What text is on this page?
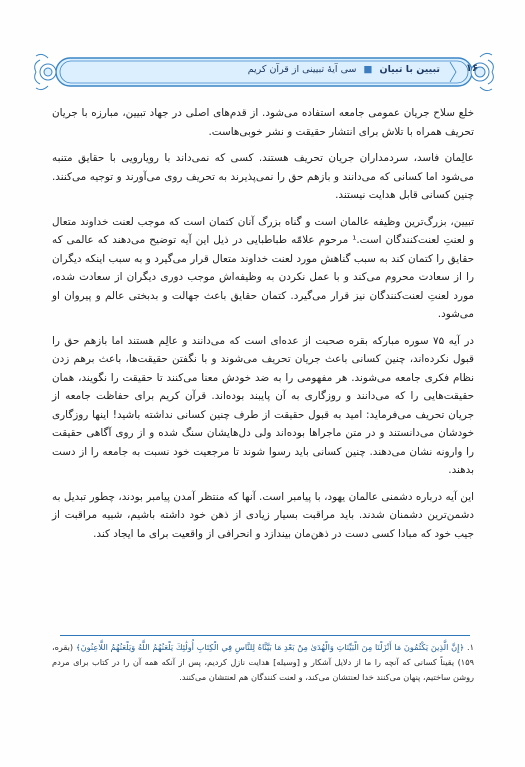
تبیین با تبیان ■ سی آیهٔ تبیینی از قرآن کریم	۱۶

خلع سلاح جریان عمومی جامعه استفاده می‌شود. از قدم‌های اصلی در جهاد تبیین، مبارزه با جریان تحریف همراه با تلاش برای انتشار حقیقت و نشر خوبی‌هاست.

عالِمان فاسد، سردمداران جریان تحریف هستند. کسی که نمی‌داند با رویارویی با حقایق متنبه می‌شود اما کسانی که می‌دانند و بازهم حق را نمی‌پذیرند به تحریف روی می‌آورند و توجیه می‌کنند. چنین کسانی قابل هدایت نیستند.

تبیین، بزرگ‌ترین وظیفه عالمان است و گناه بزرگ آنان کتمان است که موجب لعنت خداوند متعال و لعنتِ لعنت‌کنندگان است.¹ مرحوم علامّه طباطبایی در ذیل این آیه توضیح می‌دهند که عالمی که حقایق را کتمان کند به سبب گناهش مورد لعنت خداوند متعال قرار می‌گیرد و به سبب اینکه دیگران را از سعادت محروم می‌کند و با عمل نکردن به وظیفه‌اش موجب دوری دیگران از سعادت شده، مورد لعنتِ لعنت‌کنندگان نیز قرار می‌گیرد. کتمان حقایق باعث جهالت و بدبختی عالم و پیروان او می‌شود.

در آیه ۷۵ سوره مبارکه بقره صحبت از عده‌ای است که می‌دانند و عالِم هستند اما بازهم حق را قبول نکرده‌اند، چنین کسانی باعث جریان تحریف می‌شوند و با نگفتن حقیقت‌ها، باعث برهم زدن نظام فکری جامعه می‌شوند. هر مفهومی را به ضد خودش معنا می‌کنند تا حقیقت را نگویند، همان حقیقت‌هایی را که می‌دانند و روزگاری به آن پایبند بوده‌اند. قرآن کریم برای حفاظت جامعه از جریان تحریف می‌فرماید: امید به قبول حقیقت از طرف چنین کسانی نداشته باشید! اینها روزگاری خودشان می‌دانستند و در متن ماجراها بوده‌اند ولی دل‌هایشان سنگ شده و از روی آگاهی حقیقت را وارونه نشان می‌دهند. چنین کسانی باید رسوا شوند تا مرجعیت خود نسبت به جامعه را از دست بدهند.

این آیه درباره دشمنی عالمان یهود، با پیامبر است. آنها که منتظر آمدن پیامبر بودند، چطور تبدیل به دشمن‌ترین دشمنان شدند. باید مراقبت بسیار زیادی از ذهن خود داشته باشیم، شبیه مراقبت از جیب خود که مبادا کسی دست در ذهن‌مان بیندازد و انحرافی از واقعیت برای ما ایجاد کند.

۱. ﴿إِنَّ الَّذِينَ يَكْتُمُونَ مَا أَنْزَلْنَا مِنَ الْبَيِّنَاتِ وَالْهُدَىٰ مِنْ بَعْدِ مَا بَيَّنَّاهُ لِلنَّاسِ فِي الْكِتَابِ أُولَٰئِكَ يَلْعَنُهُمُ اللَّهُ وَيَلْعَنُهُمُ اللَّاعِنُونَ﴾ (بقره، ۱۵۹) یقیناً کسانی که آنچه را ما از دلایل آشکار و [وسیله] هدایت نازل کردیم، پس از آنکه همه آن را در کتاب برای مردم روشن ساختیم، پنهان می‌کنند خدا لعنتشان می‌کند، و لعنت کنندگان هم لعنتشان می‌کنند.
